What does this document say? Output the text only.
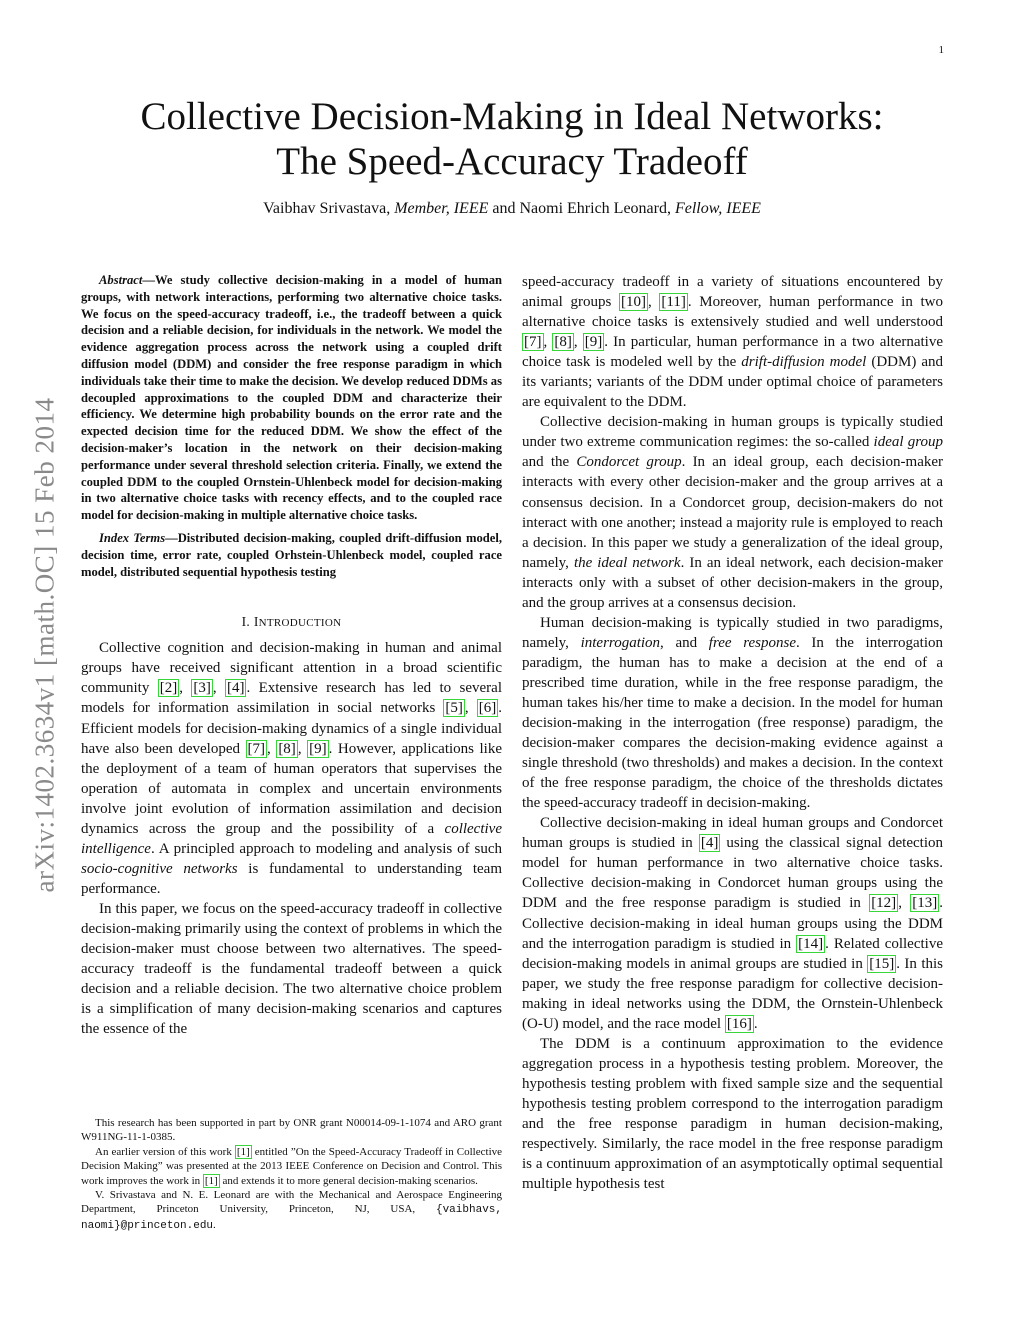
1
arXiv:1402.3634v1 [math.OC] 15 Feb 2014
Collective Decision-Making in Ideal Networks:
The Speed-Accuracy Tradeoff
Vaibhav Srivastava, Member, IEEE and Naomi Ehrich Leonard, Fellow, IEEE

Abstract—We study collective decision-making in a model of human groups, with network interactions, performing two alternative choice tasks. We focus on the speed-accuracy tradeoff, i.e., the tradeoff between a quick decision and a reliable decision, for individuals in the network. We model the evidence aggregation process across the network using a coupled drift diffusion model (DDM) and consider the free response paradigm in which individuals take their time to make the decision. We develop reduced DDMs as decoupled approximations to the coupled DDM and characterize their efficiency. We determine high probability bounds on the error rate and the expected decision time for the reduced DDM. We show the effect of the decision-maker’s location in the network on their decision-making performance under several threshold selection criteria. Finally, we extend the coupled DDM to the coupled Ornstein-Uhlenbeck model for decision-making in two alternative choice tasks with recency effects, and to the coupled race model for decision-making in multiple alternative choice tasks.

Index Terms—Distributed decision-making, coupled drift-diffusion model, decision time, error rate, coupled Orhstein-Uhlenbeck model, coupled race model, distributed sequential hypothesis testing

I. INTRODUCTION

Collective cognition and decision-making in human and animal groups have received significant attention in a broad scientific community [2] , [3] , [4] . Extensive research has led to several models for information assimilation in social networks [5] , [6] . Efficient models for decision-making dynamics of a single individual have also been developed [7] , [8] , [9] . However, applications like the deployment of a team of human operators that supervises the operation of automata in complex and uncertain environments involve joint evolution of information assimilation and decision dynamics across the group and the possibility of a collective intelligence. A principled approach to modeling and analysis of such socio-cognitive networks is fundamental to understanding team performance.

In this paper, we focus on the speed-accuracy tradeoff in collective decision-making primarily using the context of problems in which the decision-maker must choose between two alternatives. The speed-accuracy tradeoff is the fundamental tradeoff between a quick decision and a reliable decision. The two alternative choice problem is a simplification of many decision-making scenarios and captures the essence of the

This research has been supported in part by ONR grant N00014-09-1-1074 and ARO grant W911NG-11-1-0385.

An earlier version of this work [1] entitled ”On the Speed-Accuracy Tradeoff in Collective Decision Making” was presented at the 2013 IEEE Conference on Decision and Control. This work improves the work in [1] and extends it to more general decision-making scenarios.

V. Srivastava and N. E. Leonard are with the Mechanical and Aerospace Engineering Department, Princeton University, Princeton, NJ, USA, {vaibhavs, naomi}@princeton.edu.

speed-accuracy tradeoff in a variety of situations encountered by animal groups [10] , [11] . Moreover, human performance in two alternative choice tasks is extensively studied and well understood [7] , [8] , [9] . In particular, human performance in a two alternative choice task is modeled well by the drift-diffusion model (DDM) and its variants; variants of the DDM under optimal choice of parameters are equivalent to the DDM.

Collective decision-making in human groups is typically studied under two extreme communication regimes: the so-called ideal group and the Condorcet group. In an ideal group, each decision-maker interacts with every other decision-maker and the group arrives at a consensus decision. In a Condorcet group, decision-makers do not interact with one another; instead a majority rule is employed to reach a decision. In this paper we study a generalization of the ideal group, namely, the ideal network. In an ideal network, each decision-maker interacts only with a subset of other decision-makers in the group, and the group arrives at a consensus decision.

Human decision-making is typically studied in two paradigms, namely, interrogation, and free response. In the interrogation paradigm, the human has to make a decision at the end of a prescribed time duration, while in the free response paradigm, the human takes his/her time to make a decision. In the model for human decision-making in the interrogation (free response) paradigm, the decision-maker compares the decision-making evidence against a single threshold (two thresholds) and makes a decision. In the context of the free response paradigm, the choice of the thresholds dictates the speed-accuracy tradeoff in decision-making.

Collective decision-making in ideal human groups and Condorcet human groups is studied in [4] using the classical signal detection model for human performance in two alternative choice tasks. Collective decision-making in Condorcet human groups using the DDM and the free response paradigm is studied in [12] , [13] . Collective decision-making in ideal human groups using the DDM and the interrogation paradigm is studied in [14] . Related collective decision-making models in animal groups are studied in [15] . In this paper, we study the free response paradigm for collective decision-making in ideal networks using the DDM, the Ornstein-Uhlenbeck (O-U) model, and the race model [16] .

The DDM is a continuum approximation to the evidence aggregation process in a hypothesis testing problem. Moreover, the hypothesis testing problem with fixed sample size and the sequential hypothesis testing problem correspond to the interrogation paradigm and the free response paradigm in human decision-making, respectively. Similarly, the race model in the free response paradigm is a continuum approximation of an asymptotically optimal sequential multiple hypothesis test
